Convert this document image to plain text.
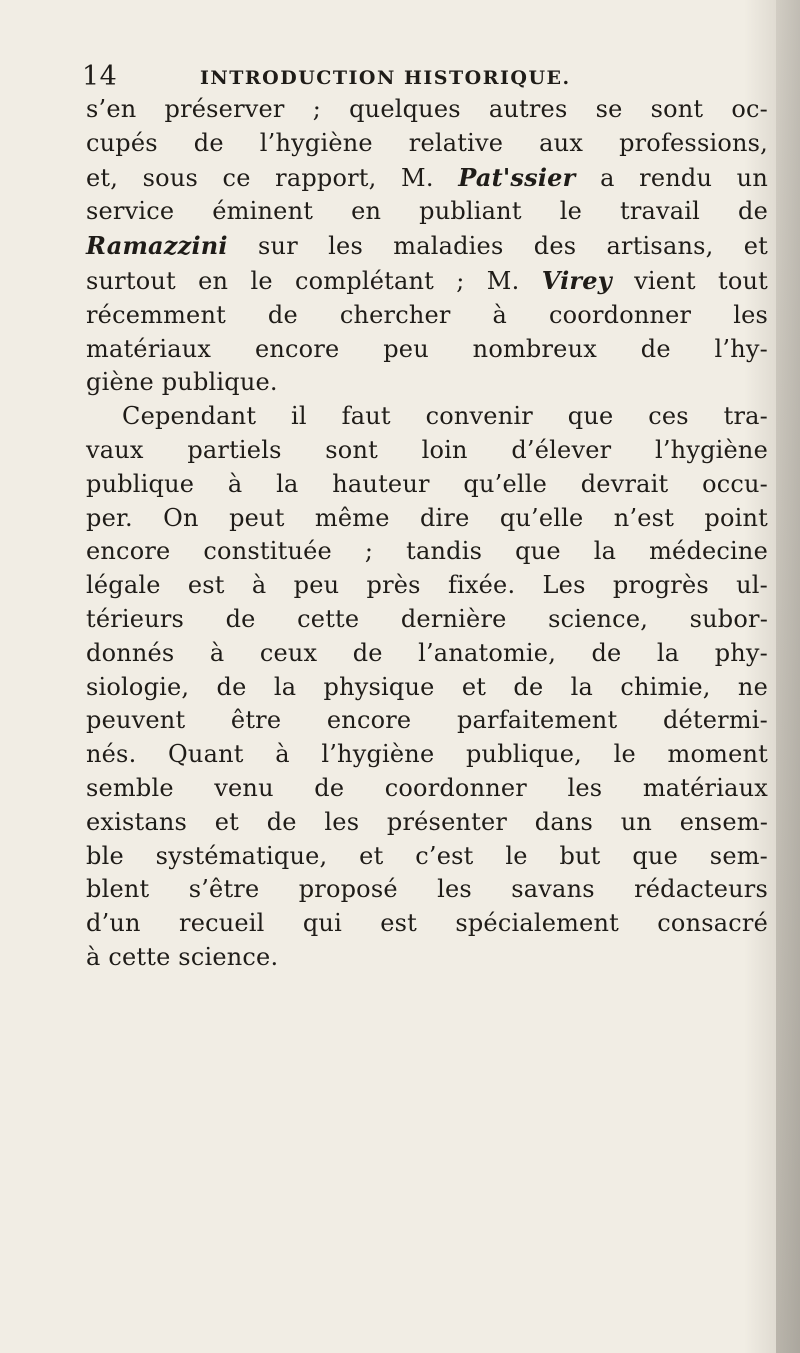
14	INTRODUCTION HISTORIQUE.
s’en préserver ; quelques autres se sont oc-
cupés de l’hygiène relative aux professions,
et, sous ce rapport, M. Pat'ssier a rendu un
service éminent en publiant le travail de
Ramazzini sur les maladies des artisans, et
surtout en le complétant ; M. Virey vient tout
récemment de chercher à coordonner les
matériaux encore peu nombreux de l’hy-
giène publique.
Cependant il faut convenir que ces tra-
vaux partiels sont loin d’élever l’hygiène
publique à la hauteur qu’elle devrait occu-
per. On peut même dire qu’elle n’est point
encore constituée ; tandis que la médecine
légale est à peu près fixée. Les progrès ul-
térieurs de cette dernière science, subor-
donnés à ceux de l’anatomie, de la phy-
siologie, de la physique et de la chimie, ne
peuvent être encore parfaitement détermi-
nés. Quant à l’hygiène publique, le moment
semble venu de coordonner les matériaux
existans et de les présenter dans un ensem-
ble systématique, et c’est le but que sem-
blent s’être proposé les savans rédacteurs
d’un recueil qui est spécialement consacré
à cette science.
